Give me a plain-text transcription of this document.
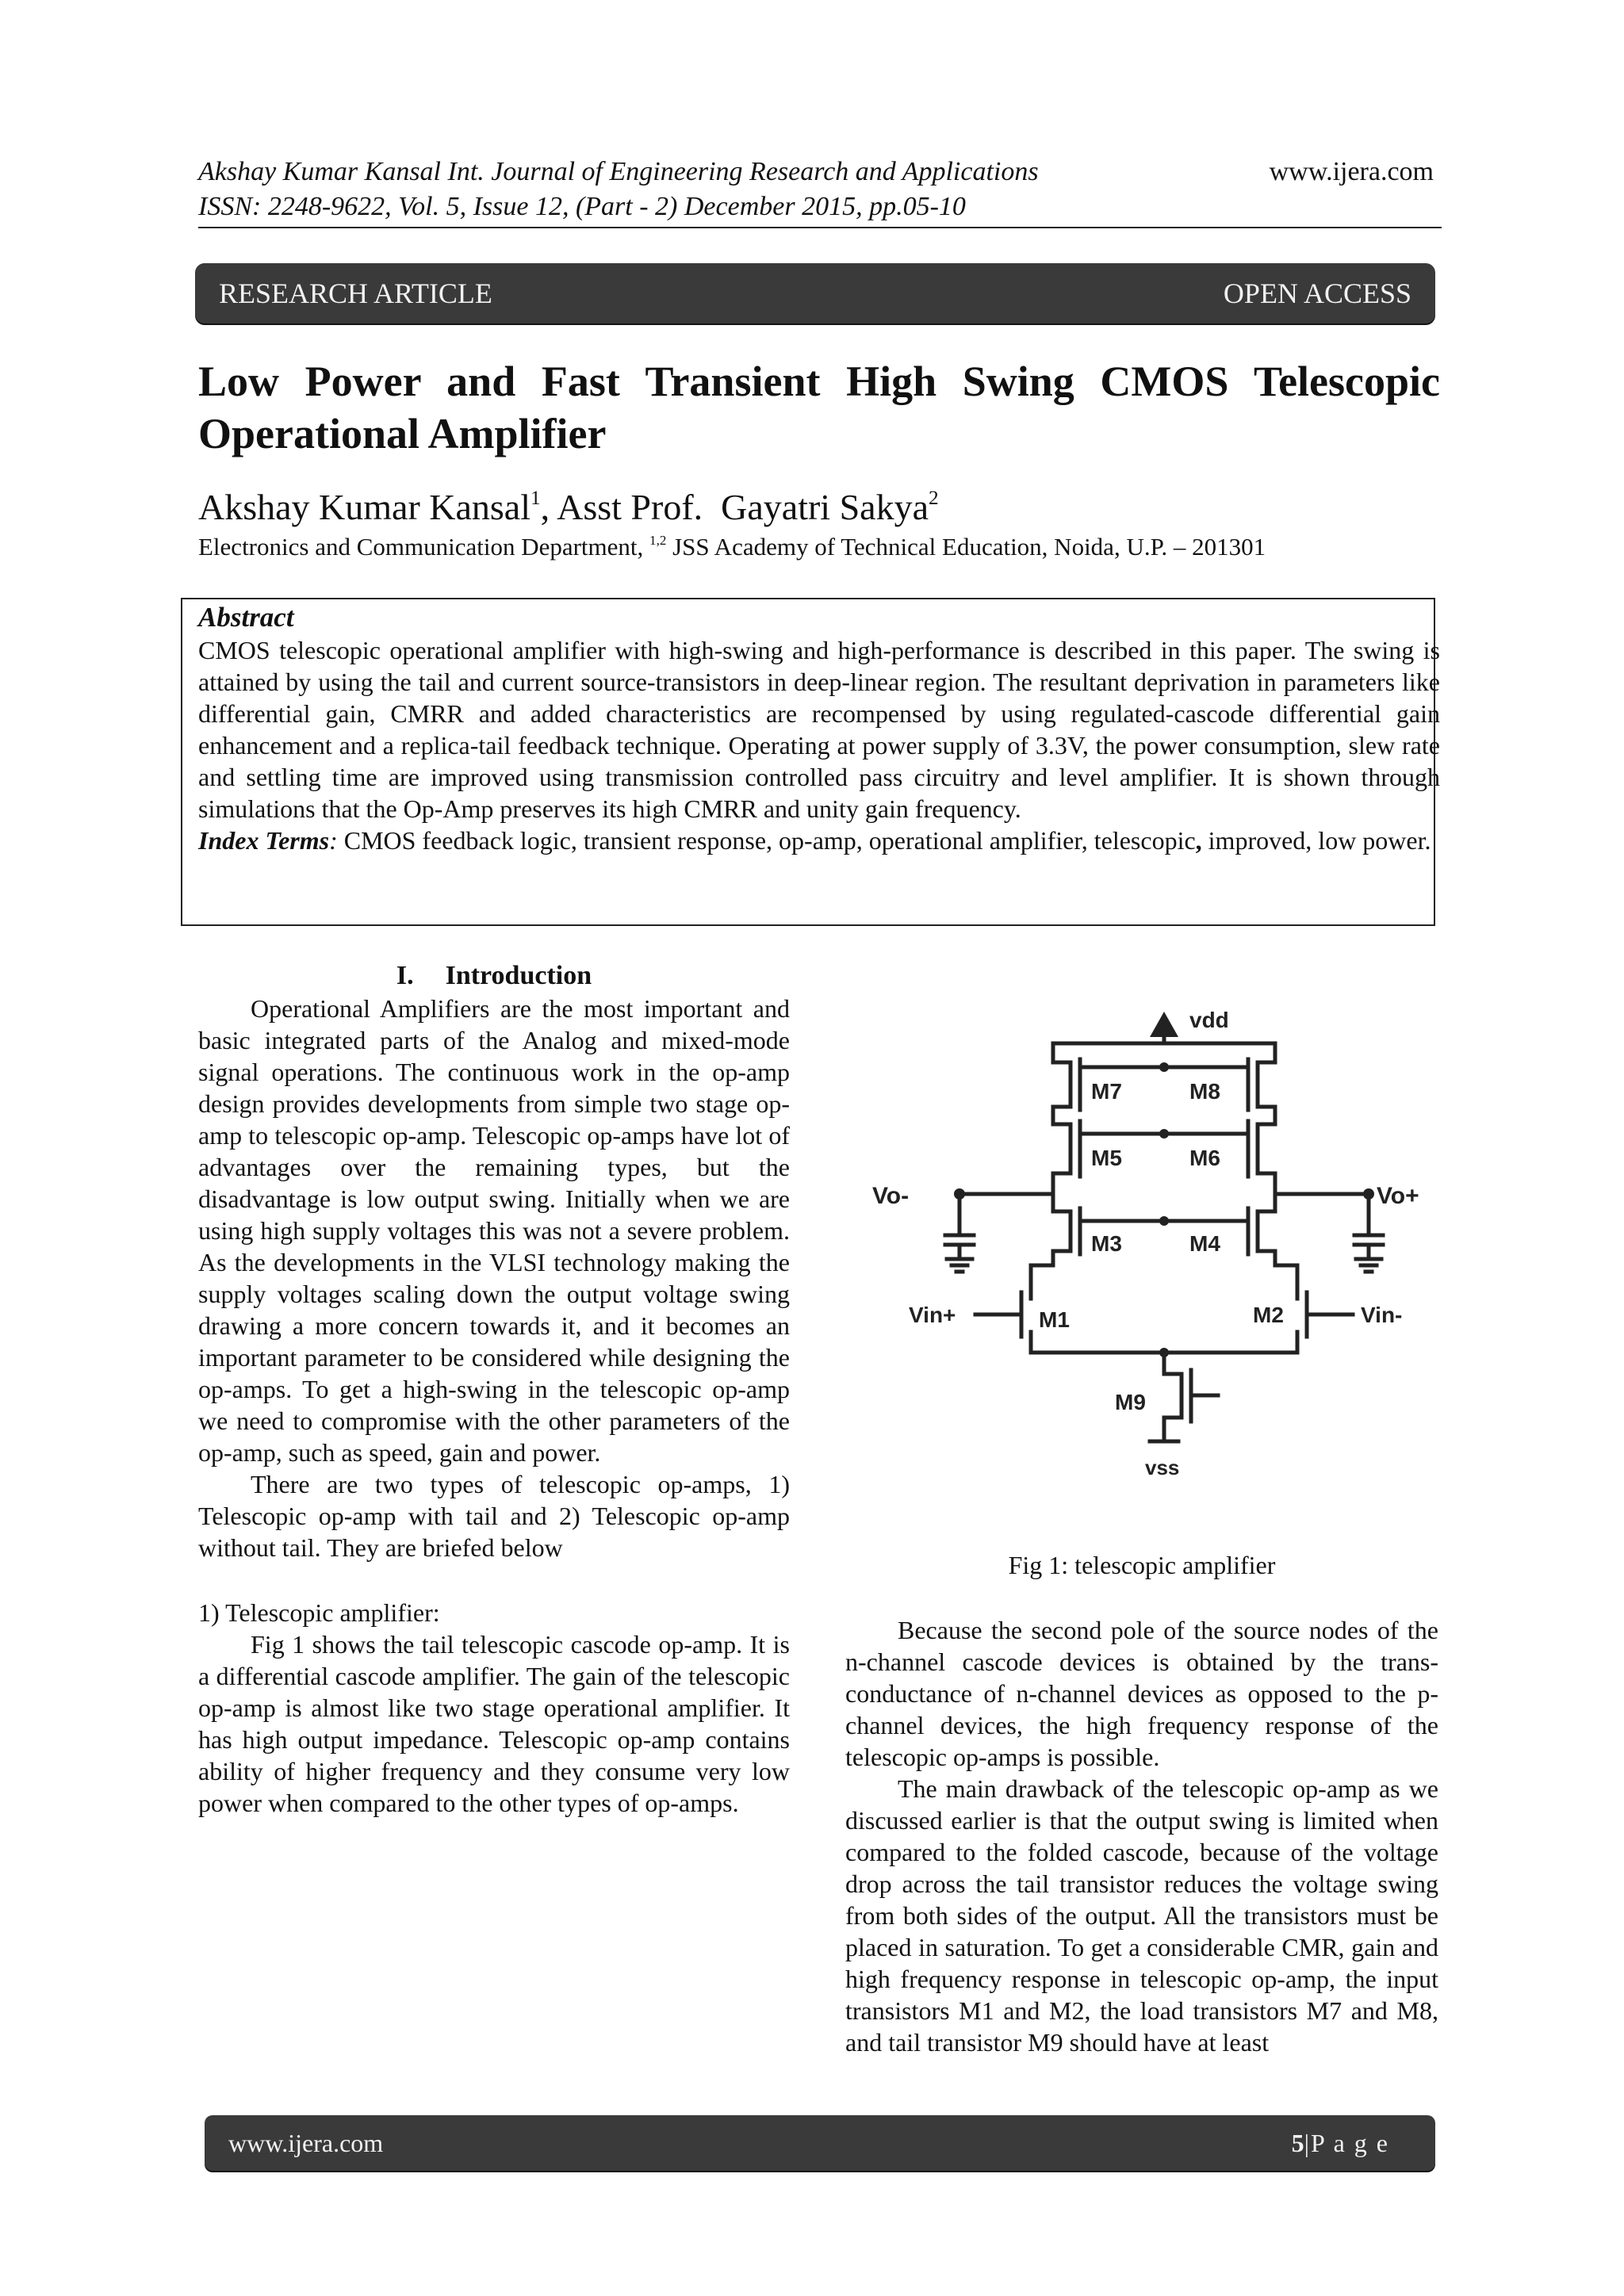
Akshay Kumar Kansal Int. Journal of Engineering Research and Applications
ISSN: 2248-9622, Vol. 5, Issue 12, (Part - 2) December 2015, pp.05-10
www.ijera.com
RESEARCH ARTICLE	OPEN ACCESS
Low Power and Fast Transient High Swing CMOS Telescopic Operational Amplifier
Akshay Kumar Kansal$^1$, Asst Prof.  Gayatri Sakya$^2$
Electronics and Communication Department, $^{1,2}$ JSS Academy of Technical Education, Noida, U.P. – 201301
Abstract

CMOS telescopic operational amplifier with high-swing and high-performance is described in this paper. The swing is attained by using the tail and current source-transistors in deep-linear region. The resultant deprivation in parameters like differential gain, CMRR and added characteristics are recompensed by using regulated-cascode differential gain enhancement and a replica-tail feedback technique. Operating at power supply of 3.3V, the power consumption, slew rate and settling time are improved using transmission controlled pass circuitry and level amplifier. It is shown through simulations that the Op-Amp preserves its high CMRR and unity gain frequency.

Index Terms: CMOS feedback logic, transient response, op-amp, operational amplifier, telescopic, improved, low power.

I. Introduction

Operational Amplifiers are the most important and basic integrated parts of the Analog and mixed-mode signal operations. The continuous work in the op-amp design provides developments from simple two stage op-amp to telescopic op-amp. Telescopic op-amps have lot of advantages over the remaining types, but the disadvantage is low output swing. Initially when we are using high supply voltages this was not a severe problem. As the developments in the VLSI technology making the supply voltages scaling down the output voltage swing drawing a more concern towards it, and it becomes an important parameter to be considered while designing the op-amps. To get a high-swing in the telescopic op-amp we need to compromise with the other parameters of the op-amp, such as speed, gain and power.

There are two types of telescopic op-amps, 1) Telescopic op-amp with tail and 2) Telescopic op-amp without tail. They are briefed below

1) Telescopic amplifier:

Fig 1 shows the tail telescopic cascode op-amp. It is a differential cascode amplifier. The gain of the telescopic op-amp is almost like two stage operational amplifier. It has high output impedance. Telescopic op-amp contains ability of higher frequency and they consume very low power when compared to the other types of op-amps.

vdd
M7	M8
M5	M6
Vo-	Vo+
M3	M4
Vin+	M1	M2	Vin-
M9
vss
Fig 1: telescopic amplifier

Because the second pole of the source nodes of the n-channel cascode devices is obtained by the trans-conductance of n-channel devices as opposed to the p-channel devices, the high frequency response of the telescopic op-amps is possible.

The main drawback of the telescopic op-amp as we discussed earlier is that the output swing is limited when compared to the folded cascode, because of the voltage drop across the tail transistor reduces the voltage swing from both sides of the output. All the transistors must be placed in saturation. To get a considerable CMR, gain and high frequency response in telescopic op-amp, the input transistors M1 and M2, the load transistors M7 and M8, and tail transistor M9 should have at least

www.ijera.com	5|P a g e
